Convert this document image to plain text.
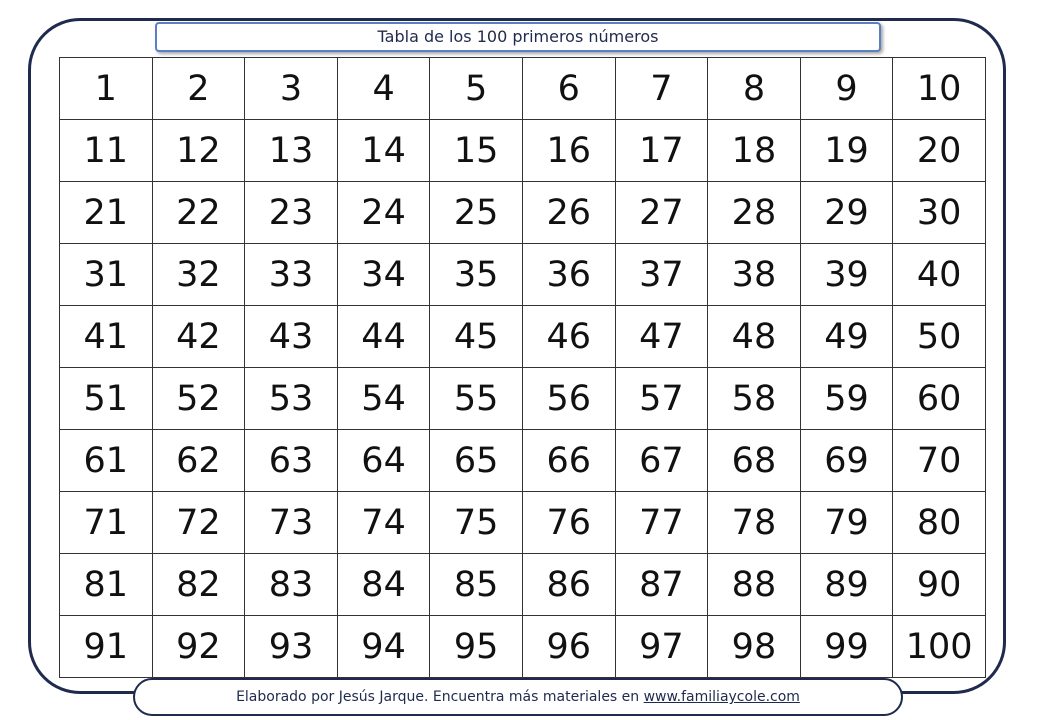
Tabla de los 100 primeros números
1	2	3	4	5	6	7	8	9	10
11	12	13	14	15	16	17	18	19	20
21	22	23	24	25	26	27	28	29	30
31	32	33	34	35	36	37	38	39	40
41	42	43	44	45	46	47	48	49	50
51	52	53	54	55	56	57	58	59	60
61	62	63	64	65	66	67	68	69	70
71	72	73	74	75	76	77	78	79	80
81	82	83	84	85	86	87	88	89	90
91	92	93	94	95	96	97	98	99	100
Elaborado por Jesús Jarque. Encuentra más materiales en www.familiaycole.com
